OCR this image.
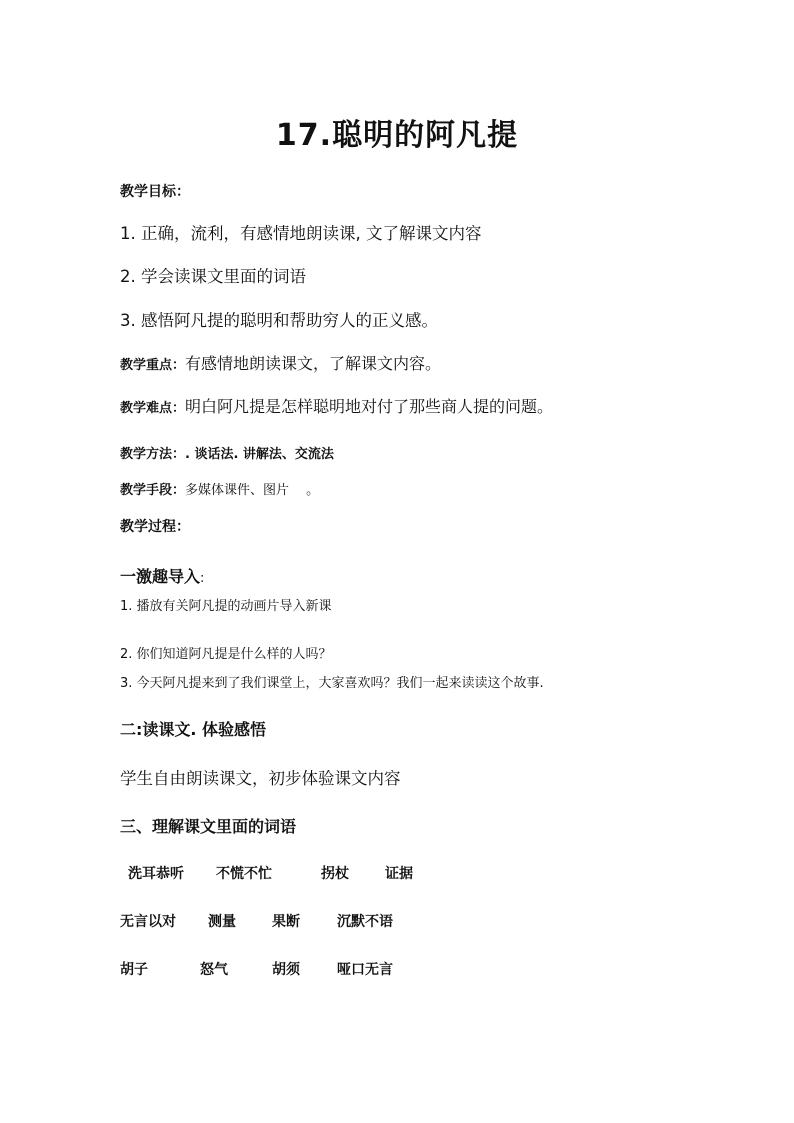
17.聪明的阿凡提
教学目标：
1. 正确，流利，有感情地朗读课, 文了解课文内容
2. 学会读课文里面的词语
3. 感悟阿凡提的聪明和帮助穷人的正义感。
教学重点：有感情地朗读课文，了解课文内容。
教学难点：明白阿凡提是怎样聪明地对付了那些商人提的问题。
教学方法：. 谈话法. 讲解法、交流法
教学手段：多媒体课件、图片　 。
教学过程：
一激趣导入:
1. 播放有关阿凡提的动画片导入新课
2. 你们知道阿凡提是什么样的人吗？
3. 今天阿凡提来到了我们课堂上，大家喜欢吗？我们一起来读读这个故事.
二:读课文. 体验感悟
学生自由朗读课文，初步体验课文内容
三、理解课文里面的词语
洗耳恭听 不慌不忙	拐杖	证据
无言以对 测量	果断	沉默不语
胡子	怒气	胡须	哑口无言
